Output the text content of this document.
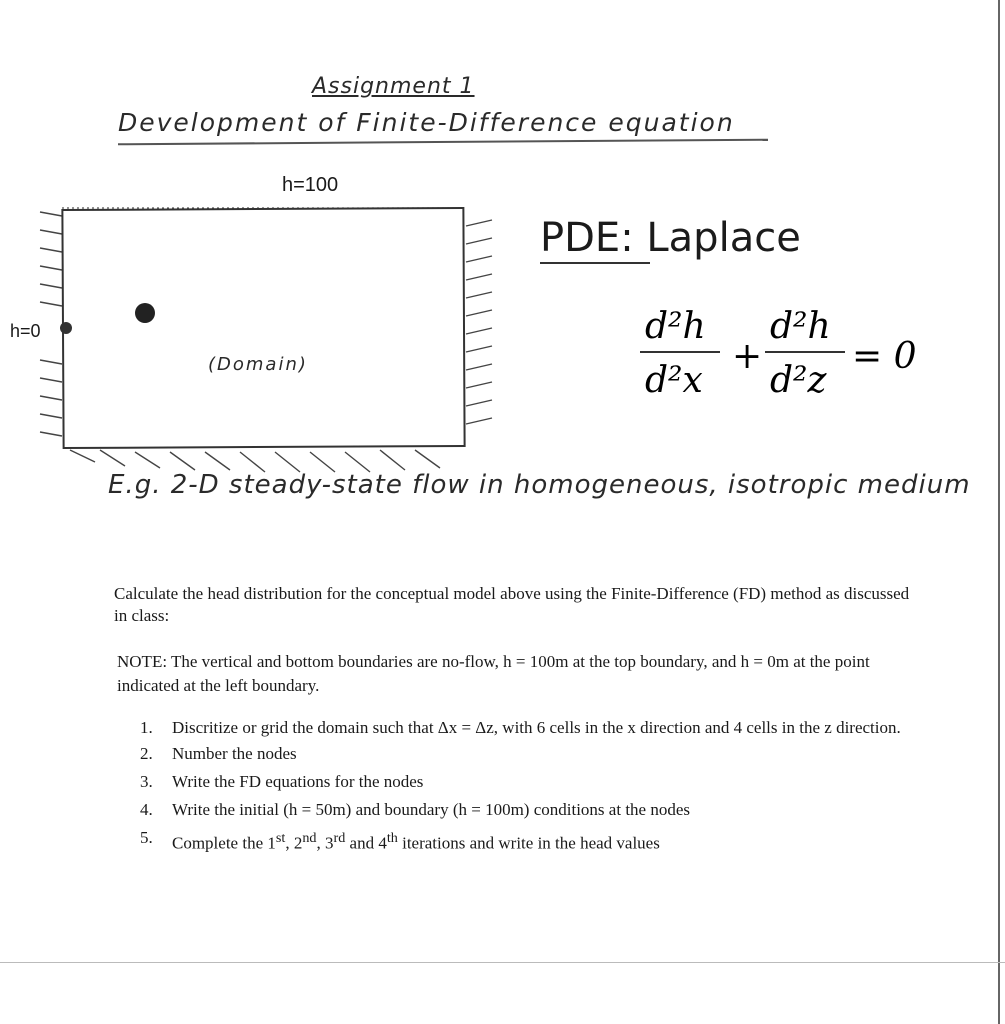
Assignment 1
Development of Finite-Difference equation
h=100
h=0
(Domain)
PDE: Laplace
d²h
d²x
+
d²h
d²z
= 0
E.g. 2-D steady-state flow in homogeneous, isotropic medium
Calculate the head distribution for the conceptual model above using the Finite-Difference (FD) method as discussed in class:
NOTE: The vertical and bottom boundaries are no-flow, h = 100m at the top boundary, and h = 0m at the point indicated at the left boundary.
1.	Discritize or grid the domain such that Δx = Δz, with 6 cells in the x direction and 4 cells in the z direction.
2.	Number the nodes
3.	Write the FD equations for the nodes
4.	Write the initial (h = 50m) and boundary (h = 100m) conditions at the nodes
5.	Complete the 1st, 2nd, 3rd and 4th iterations and write in the head values
